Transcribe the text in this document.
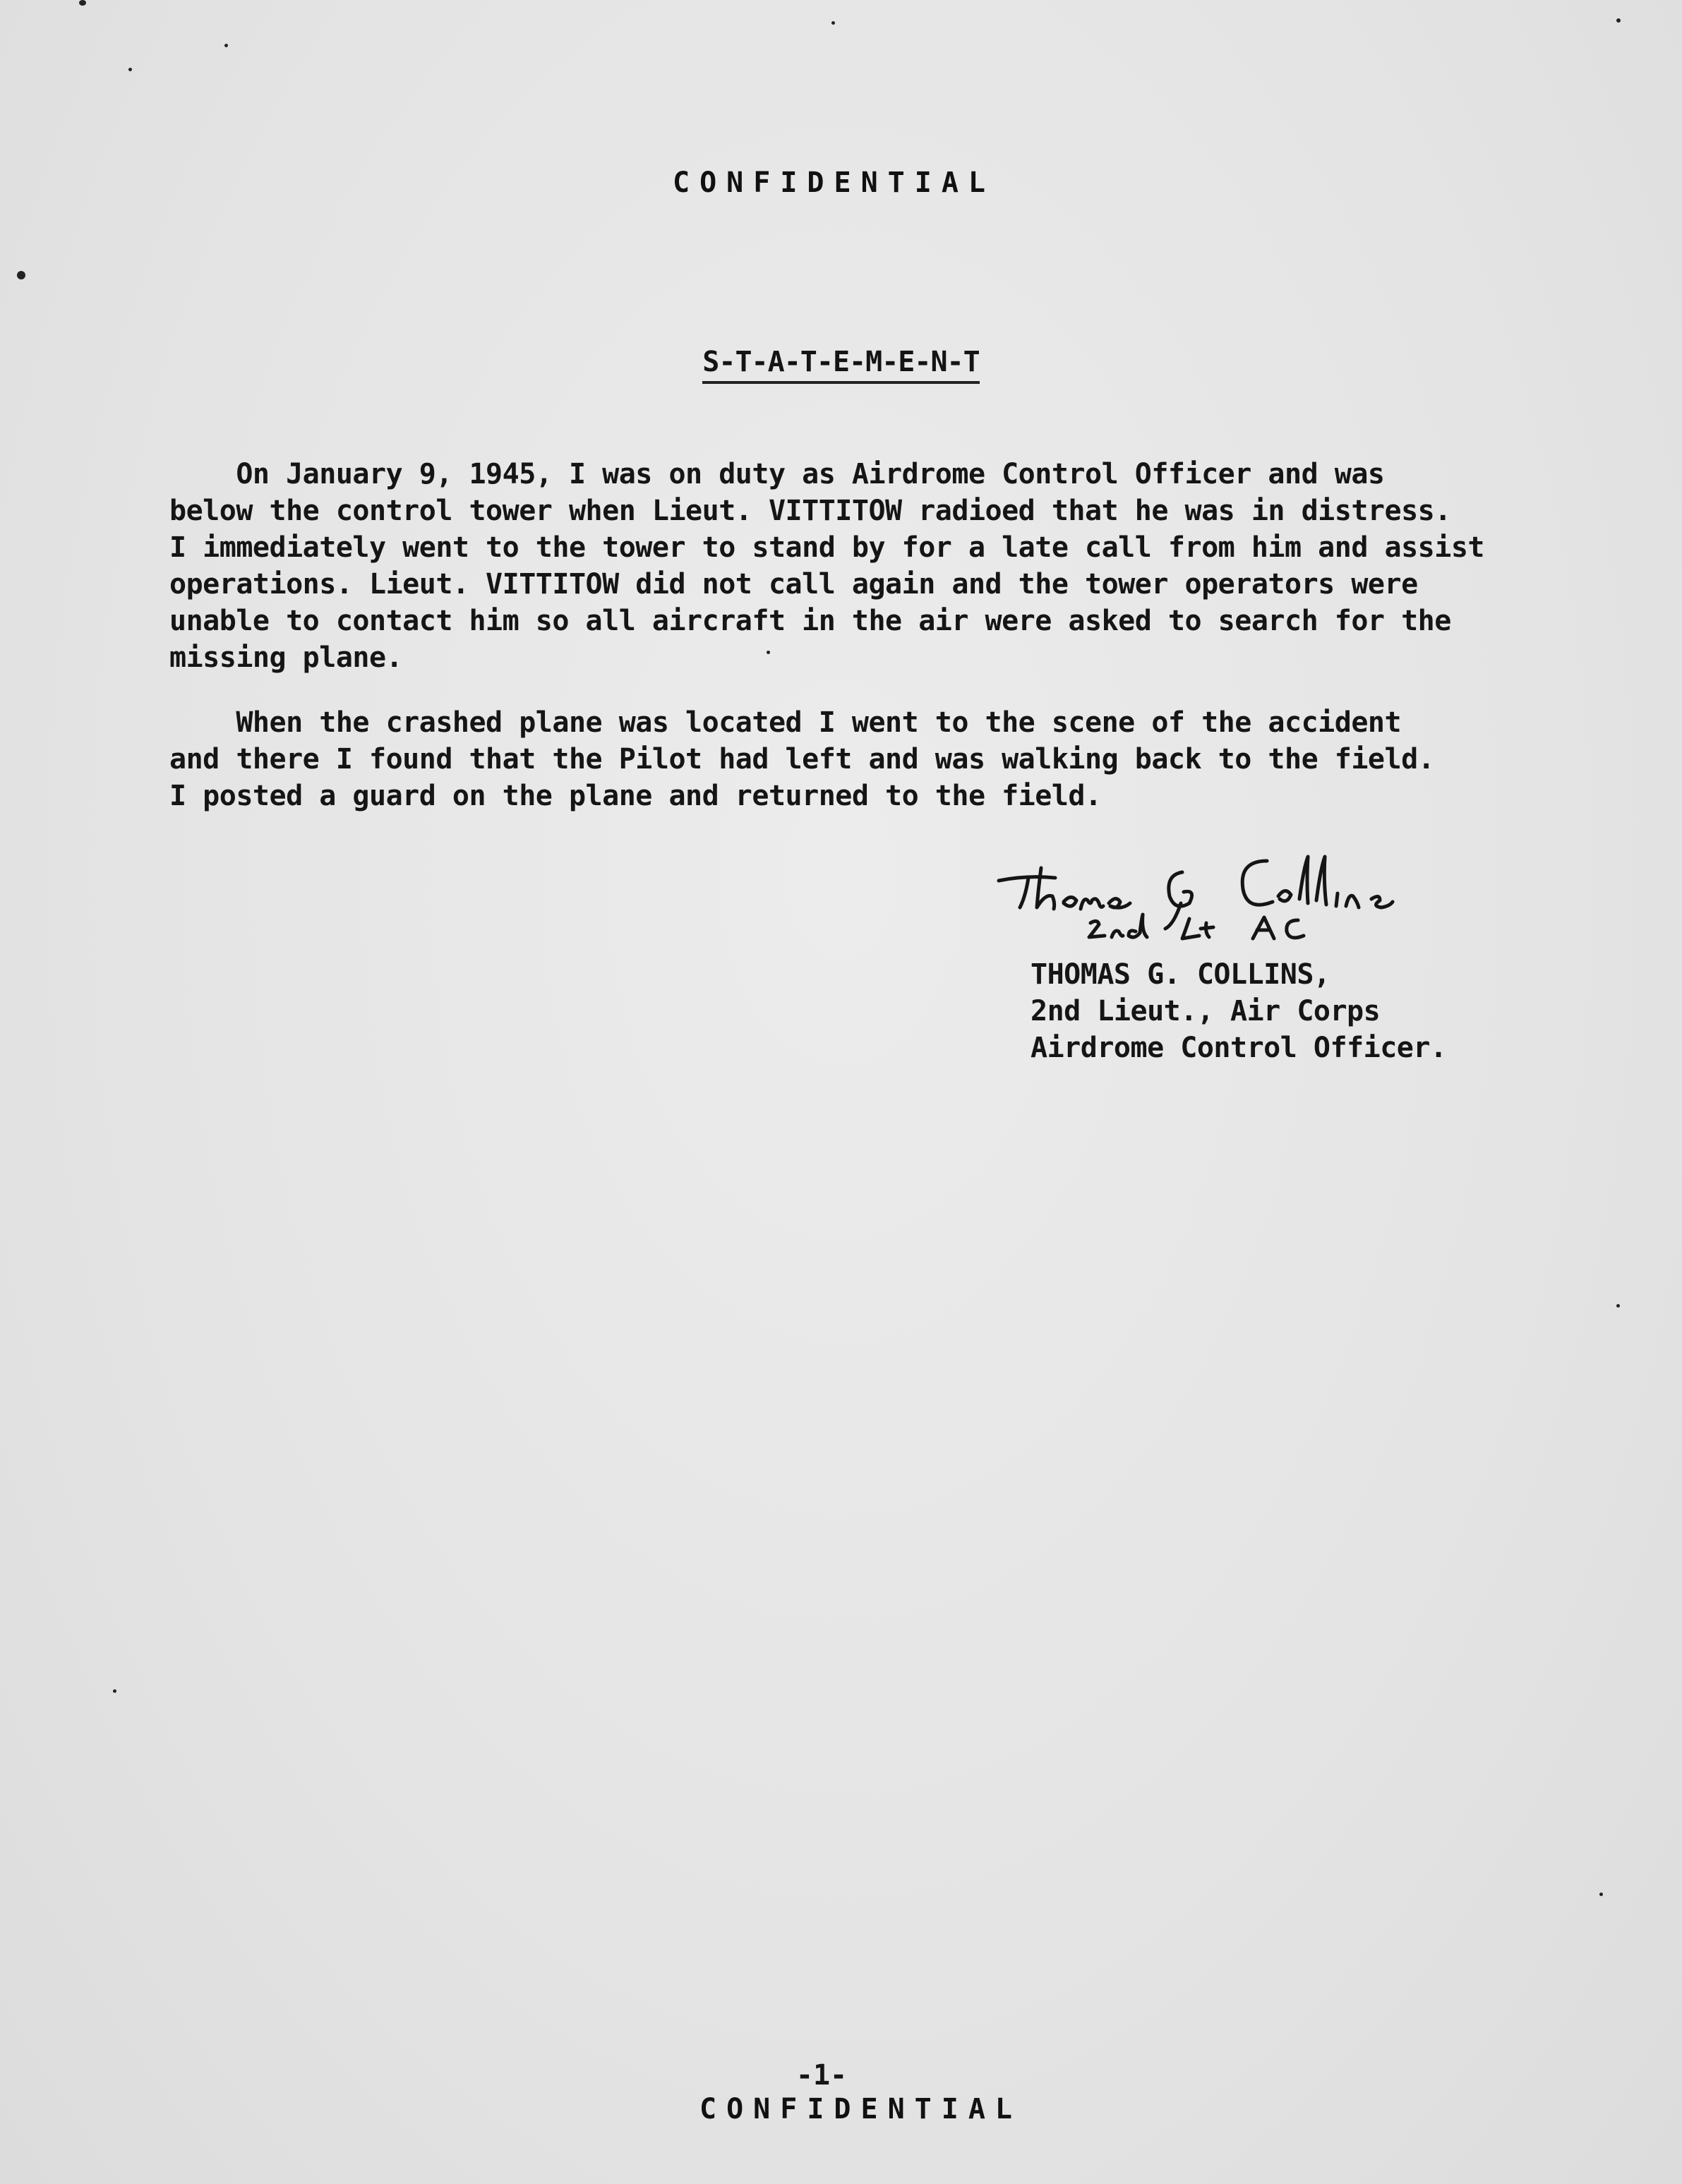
CONFIDENTIAL
S-T-A-T-E-M-E-N-T

On January 9, 1945, I was on duty as Airdrome Control Officer and was

below the control tower when Lieut. VITTITOW radioed that he was in distress.

I immediately went to the tower to stand by for a late call from him and assist

operations. Lieut. VITTITOW did not call again and the tower operators were

unable to contact him so all aircraft in the air were asked to search for the

missing plane.

When the crashed plane was located I went to the scene of the accident

and there I found that the Pilot had left and was walking back to the field.

I posted a guard on the plane and returned to the field.

THOMAS G. COLLINS,
2nd Lieut., Air Corps
Airdrome Control Officer.
-1-
CONFIDENTIAL
